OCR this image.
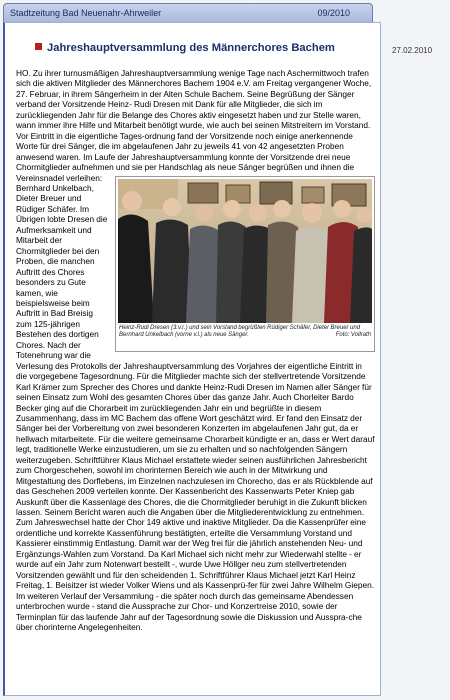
Stadtzeitung Bad Neuenahr-Ahrweiler	09/2010
27.02.2010
Jahreshauptversammlung des Männerchores Bachem
HO. Zu ihrer turnusmäßigen Jahreshauptversammlung wenige Tage nach Aschermittwoch trafen sich die aktiven Mitglieder des Männerchores Bachem 1904 e.V. am Freitag vergangener Woche, 27. Februar, in ihrem Sängerheim in der Alten Schule Bachem. Seine Begrüßung der Sänger verband der Vorsitzende Heinz- Rudi Dresen mit Dank für alle Mitglieder, die sich im zurückliegenden Jahr für die Belange des Chores aktiv eingesetzt haben und zur Stelle waren, wann immer ihre Hilfe und Mitarbeit benötigt wurde, wie auch bei seinen Mitstreitern im Vorstand. Vor Eintritt in die eigentliche Tages-ordnung fand der Vorsitzende noch einige anerkennende Worte für drei Sänger, die im abgelaufenen Jahr zu jeweils 41 von 42 angesetzten Proben anwesend waren. Im Laufe der Jahreshauptversammlung konnte der Vorsitzende drei neue Chormitglieder aufnehmen und sie per Handschlag als neue Sänger begrüßen und ihnen die
Heinz-Rudi Dresen (3.v.r.) und sein Vorstand begrüßten Rüdiger Schäfer, Dieter Breuer und Bernhard Unkelbach (vorne v.l.) als neue Sänger.	Foto: Vollrath
Vereinsnadel verleihen: Bernhard Unkelbach, Dieter Breuer und Rüdiger Schäfer. Im Übrigen lobte Dresen die Aufmerksamkeit und Mitarbeit der Chormitglieder bei den Proben, die manchen Auftritt des Chores besonders zu Gute kamen, wie beispielsweise beim Auftritt in Bad Breisig zum 125-jährigen Bestehen des dortigen Chores. Nach der Totenehrung war die Verlesung des Protokolls der Jahreshauptversammlung des Vorjahres der eigentliche Eintritt in die vorgegebene Tagesordnung. Für die Mitglieder machte sich der stellvertretende Vorsitzende Karl Krämer zum Sprecher des Chores und dankte Heinz-Rudi Dresen im Namen aller Sänger für seinen Einsatz zum Wohl des gesamten Chores über das ganze Jahr. Auch Chorleiter Bardo Becker ging auf die Chorarbeit im zurückliegenden Jahr ein und begrüßte in diesem Zusammenhang, dass im MC Bachem das offene Wort geschätzt wird. Er fand den Einsatz der Sänger bei der Vorbereitung von zwei besonderen Konzerten im abgelaufenen Jahr gut, da er hellwach mitarbeitete. Für die weitere gemeinsame Chorarbeit kündigte er an, dass er Wert darauf legt, traditionelle Werke einzustudieren, um sie zu erhalten und so nachfolgenden Sängern weiterzugeben. Schriftführer Klaus Michael erstattete wieder seinen ausführlichen Jahresbericht zum Chorgeschehen, sowohl im chorinternen Bereich wie auch in der Mitwirkung und Mitgestaltung des Dorflebens, im Einzelnen nachzulesen im Chorecho, das er als Rückblende auf das Geschehen 2009 verteilen konnte. Der Kassenbericht des Kassenwarts Peter Kniep gab Auskunft über die Kassenlage des Chores, die die Chormitglieder beruhigt in die Zukunft blicken lassen. Seinem Bericht waren auch die Angaben über die Mitgliederentwicklung zu entnehmen. Zum Jahreswechsel hatte der Chor 149 aktive und inaktive Mitglieder. Da die Kassenprüfer eine ordentliche und korrekte Kassenführung bestätigten, erteilte die Versammlung Vorstand und Kassierer einstimmig Entlastung. Damit war der Weg frei für die jährlich anstehenden Neu- und Ergänzungs-Wahlen zum Vorstand. Da Karl Michael sich nicht mehr zur Wiederwahl stellte - er wurde auf ein Jahr zum Notenwart bestellt -, wurde Uwe Höllger neu zum stellvertretenden Vorsitzenden gewählt und für den scheidenden 1. Schriftführer Klaus Michael jetzt Karl Heinz Freitag, 1. Beisitzer ist wieder Volker Wiens und als Kassenprü-fer für zwei Jahre Wilhelm Giepen. Im weiteren Verlauf der Versammlung - die später noch durch das gemeinsame Abendessen unterbrochen wurde - stand die Aussprache zur Chor- und Konzertreise 2010, sowie der Terminplan für das laufende Jahr auf der Tagesordnung sowie die Diskussion und Ausspra-che über chorinterne Angelegenheiten.
